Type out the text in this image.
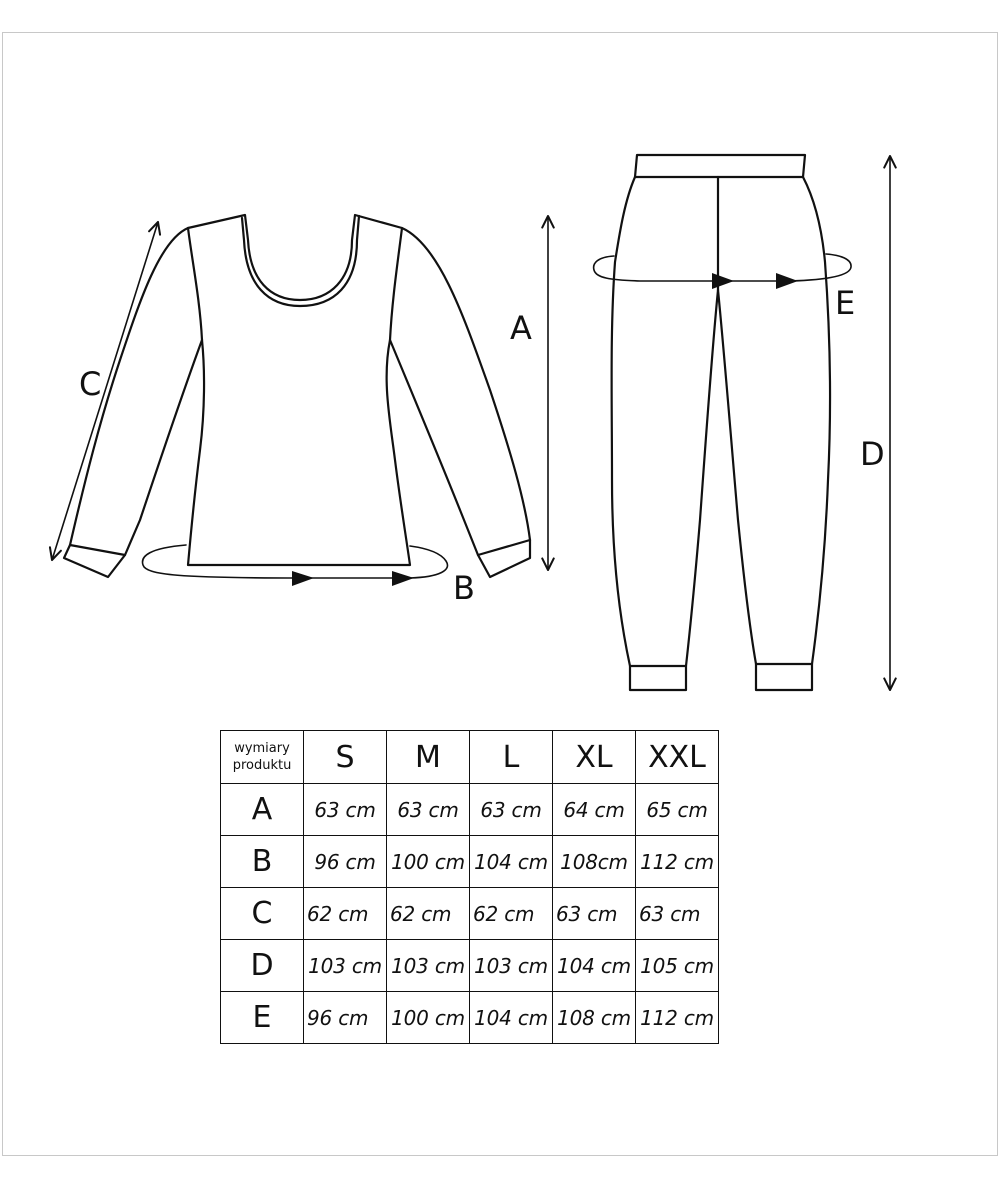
A
B
C
D
E
wymiary
produktu	S	M	L	XL	XXL
A	63 cm	63 cm	63 cm	64 cm	65 cm
B	96 cm	100 cm	104 cm	108cm	112 cm
C	62 cm	62 cm	62 cm	63 cm	63 cm
D	103 cm	103 cm	103 cm	104 cm	105 cm
E	96 cm	100 cm	104 cm	108 cm	112 cm
